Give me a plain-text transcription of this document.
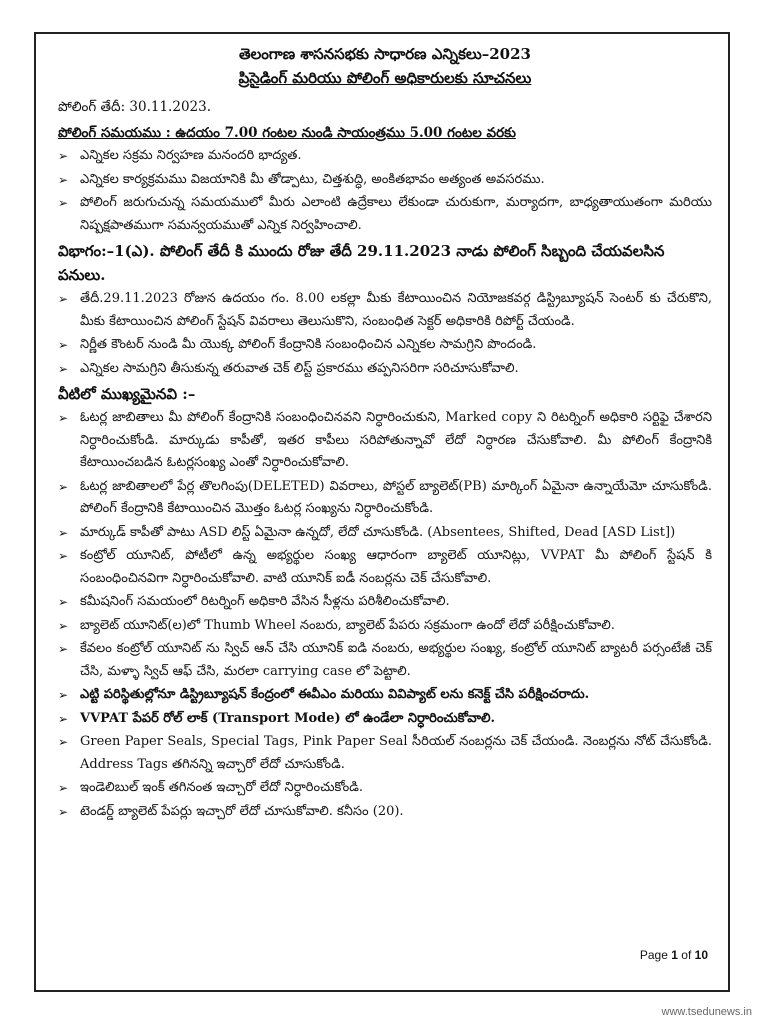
తెలంగాణ శాసనసభకు సాధారణ ఎన్నికలు–2023
ప్రిసైడింగ్ మరియు పోలింగ్ అధికారులకు సూచనలు

పోలింగ్ తేదీ: 30.11.2023.

పోలింగ్ సమయము : ఉదయం 7.00 గంటల నుండి సాయంత్రము 5.00 గంటల వరకు

➢ ఎన్నికల సక్రమ నిర్వహణ మనందరి భాద్యత.
➢ ఎన్నికల కార్యక్రమము విజయానికి మీ తోడ్పాటు, చిత్తశుద్ధి, అంకితభావం అత్యంత అవసరము.
➢ పోలింగ్ జరుగుచున్న సమయములో మీరు ఎలాంటి ఉద్రేకాలు లేకుండా చురుకుగా, మర్యాదగా, బాధ్యతాయుతంగా మరియు నిష్పక్షపాతముగా సమన్వయముతో ఎన్నిక నిర్వహించాలి.
విభాగం:–1(ఎ). పోలింగ్ తేదీ కి ముందు రోజు తేదీ 29.11.2023 నాడు పోలింగ్ సిబ్బంది చేయవలసిన పనులు.
➢ తేదీ.29.11.2023 రోజున ఉదయం గం. 8.00 లకల్లా మీకు కేటాయించిన నియోజకవర్గ డిస్ట్రిబ్యూషన్ సెంటర్ కు చేరుకొని, మీకు కేటాయించిన పోలింగ్ స్టేషన్ వివరాలు తెలుసుకొని, సంబంధిత సెక్టర్ అధికారికి రిపోర్ట్ చేయండి.
➢ నిర్ణీత కౌంటర్ నుండి మీ యొక్క పోలింగ్ కేంద్రానికి సంబంధించిన ఎన్నికల సామగ్రిని పొందండి.
➢ ఎన్నికల సామగ్రిని తీసుకున్న తరువాత చెక్ లిస్ట్ ప్రకారము తప్పనిసరిగా సరిచూసుకోవాలి.
వీటిలో ముఖ్యమైనవి :–
➢ ఓటర్ల జాబితాలు మీ పోలింగ్ కేంద్రానికి సంబంధించినవని నిర్ధారించుకుని, Marked copy ని రిటర్నింగ్ అధికారి సర్టిఫై చేశారని నిర్ధారించుకోండి. మార్కుడు కాపీతో, ఇతర కాపీలు సరిపోతున్నావో లేదో నిర్ధారణ చేసుకోవాలి. మీ పోలింగ్ కేంద్రానికి కేటాయించబడిన ఓటర్లసంఖ్య ఎంతో నిర్ధారించుకోవాలి.
➢ ఓటర్ల జాబితాలలో పేర్ల తొలగింపు(DELETED) వివరాలు, పోస్టల్ బ్యాలెట్(PB) మార్కింగ్ ఏమైనా ఉన్నాయేమో చూసుకోండి. పోలింగ్ కేంద్రానికి కేటాయించిన మొత్తం ఓటర్ల సంఖ్యను నిర్ధారించుకోండి.
➢ మార్కుడ్ కాపీతో పాటు ASD లిస్ట్ ఏమైనా ఉన్నదో, లేదో చూసుకోండి. (Absentees, Shifted, Dead [ASD List])
➢ కంట్రోల్ యూనిట్, పోటీలో ఉన్న అభ్యర్థుల సంఖ్య ఆధారంగా బ్యాలెట్ యూనిట్లు, VVPAT మీ పోలింగ్ స్టేషన్ కి సంబంధించినవిగా నిర్ధారించుకోవాలి. వాటి యూనిక్ ఐడీ నంబర్లను చెక్ చేసుకోవాలి.
➢ కమీషనింగ్ సమయంలో రిటర్నింగ్ అధికారి వేసిన సీళ్లను పరిశీలించుకోవాలి.
➢ బ్యాలెట్ యూనిట్(ల)లో Thumb Wheel నంబరు, బ్యాలెట్ పేపరు సక్రమంగా ఉందో లేదో పరీక్షించుకోవాలి.
➢ కేవలం కంట్రోల్ యూనిట్ ను స్విచ్ ఆన్ చేసి యూనిక్ ఐడి నంబరు, అభ్యర్థుల సంఖ్య, కంట్రోల్ యూనిట్ బ్యాటరీ పర్సంటేజీ చెక్ చేసి, మళ్ళా స్విచ్ ఆఫ్ చేసి, మరలా carrying case లో పెట్టాలి.
➢ ఎట్టి పరిస్థితుల్లోనూ డిస్ట్రిబ్యూషన్ కేంద్రంలో ఈవీఎం మరియు వివిప్యాట్ లను కనెక్ట్ చేసి పరీక్షించరాదు.
➢ VVPAT పేపర్ రోల్ లాక్ (Transport Mode) లో ఉండేలా నిర్ధారించుకోవాలి.
➢ Green Paper Seals, Special Tags, Pink Paper Seal సీరియల్ నంబర్లను చెక్ చేయండి. నెంబర్లను నోట్ చేసుకోండి. Address Tags తగినన్ని ఇచ్చారో లేదో చూసుకోండి.
➢ ఇండెలిబుల్ ఇంక్ తగినంత ఇచ్చారో లేదో నిర్ధారించుకోండి.
➢ టెండర్డ్ బ్యాలెట్ పేపర్లు ఇచ్చారో లేదో చూసుకోవాలి. కనీసం (20).
Page 1 of 10
www.tsedunews.in
